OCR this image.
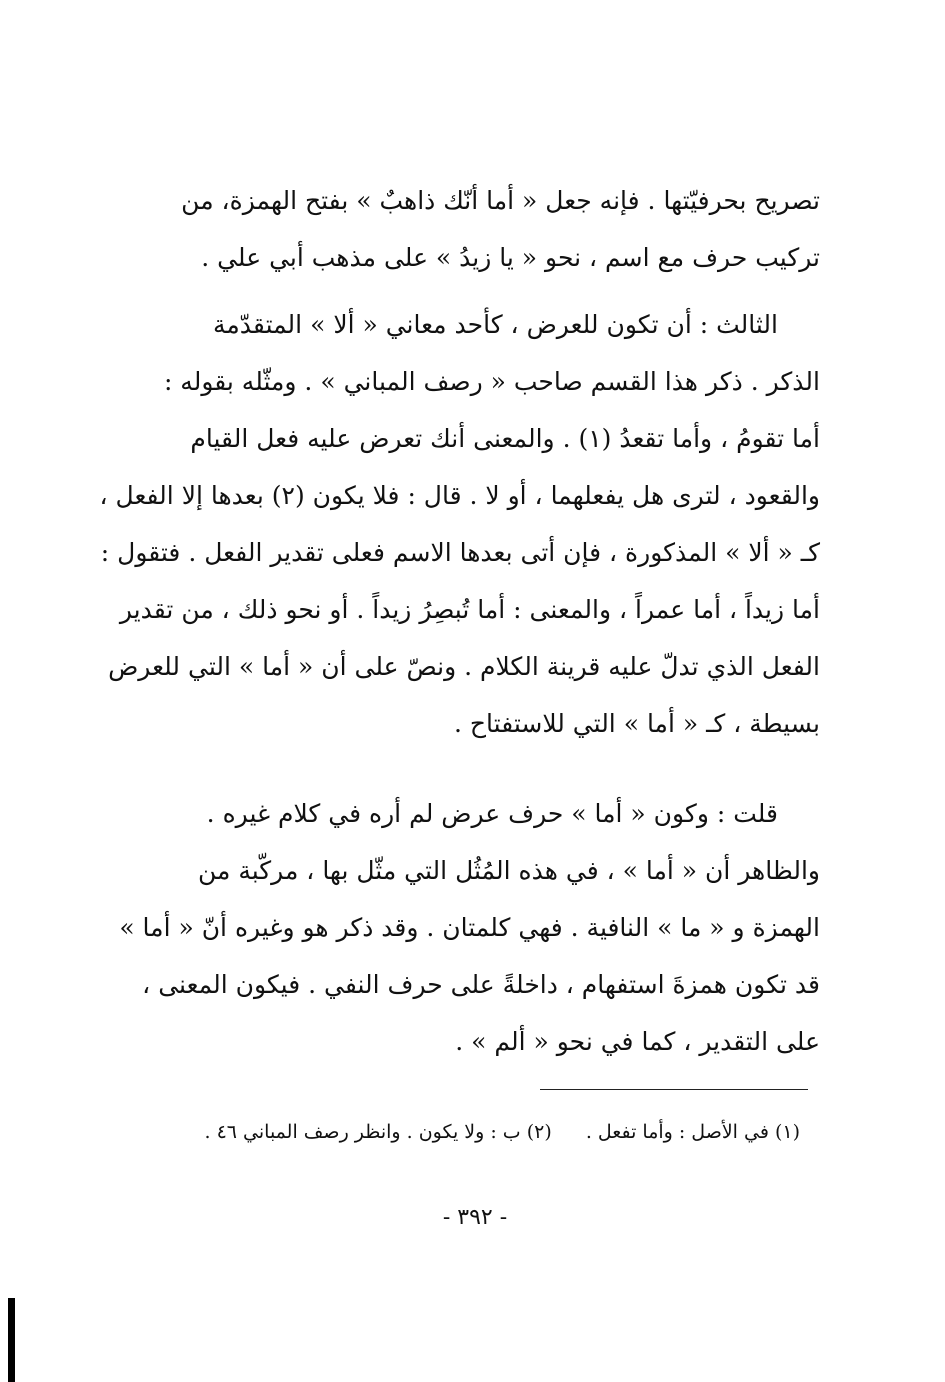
تصريح بحرفيّتها . فإنه جعل « أما أنّك ذاهبٌ » بفتح الهمزة، من
تركيب حرف مع اسم ، نحو « يا زيدُ » على مذهب أبي علي .
الثالث : أن تكون للعرض ، كأحد معاني « ألا » المتقدّمة
الذكر . ذكر هذا القسم صاحب « رصف المباني » . ومثّله بقوله :
أما تقومُ ، وأما تقعدُ (١) . والمعنى أنك تعرض عليه فعل القيام
والقعود ، لترى هل يفعلهما ، أو لا . قال : فلا يكون (٢) بعدها إلا الفعل ،
كـ « ألا » المذكورة ، فإن أتى بعدها الاسم فعلى تقدير الفعل . فتقول :
أما زيداً ، أما عمراً ، والمعنى : أما تُبصِرُ زيداً . أو نحو ذلك ، من تقدير
الفعل الذي تدلّ عليه قرينة الكلام . ونصّ على أن « أما » التي للعرض
بسيطة ، كـ « أما » التي للاستفتاح .
قلت : وكون « أما » حرف عرض لم أره في كلام غيره .
والظاهر أن « أما » ، في هذه المُثُل التي مثّل بها ، مركّبة من
الهمزة و « ما » النافية . فهي كلمتان . وقد ذكر هو وغيره أنّ « أما »
قد تكون همزةَ استفهام ، داخلةً على حرف النفي . فيكون المعنى ،
على التقدير ، كما في نحو « ألم » .
(١) في الأصل : وأما تفعل . (٢) ب : ولا يكون . وانظر رصف المباني ٤٦ .
- ٣٩٢ -
